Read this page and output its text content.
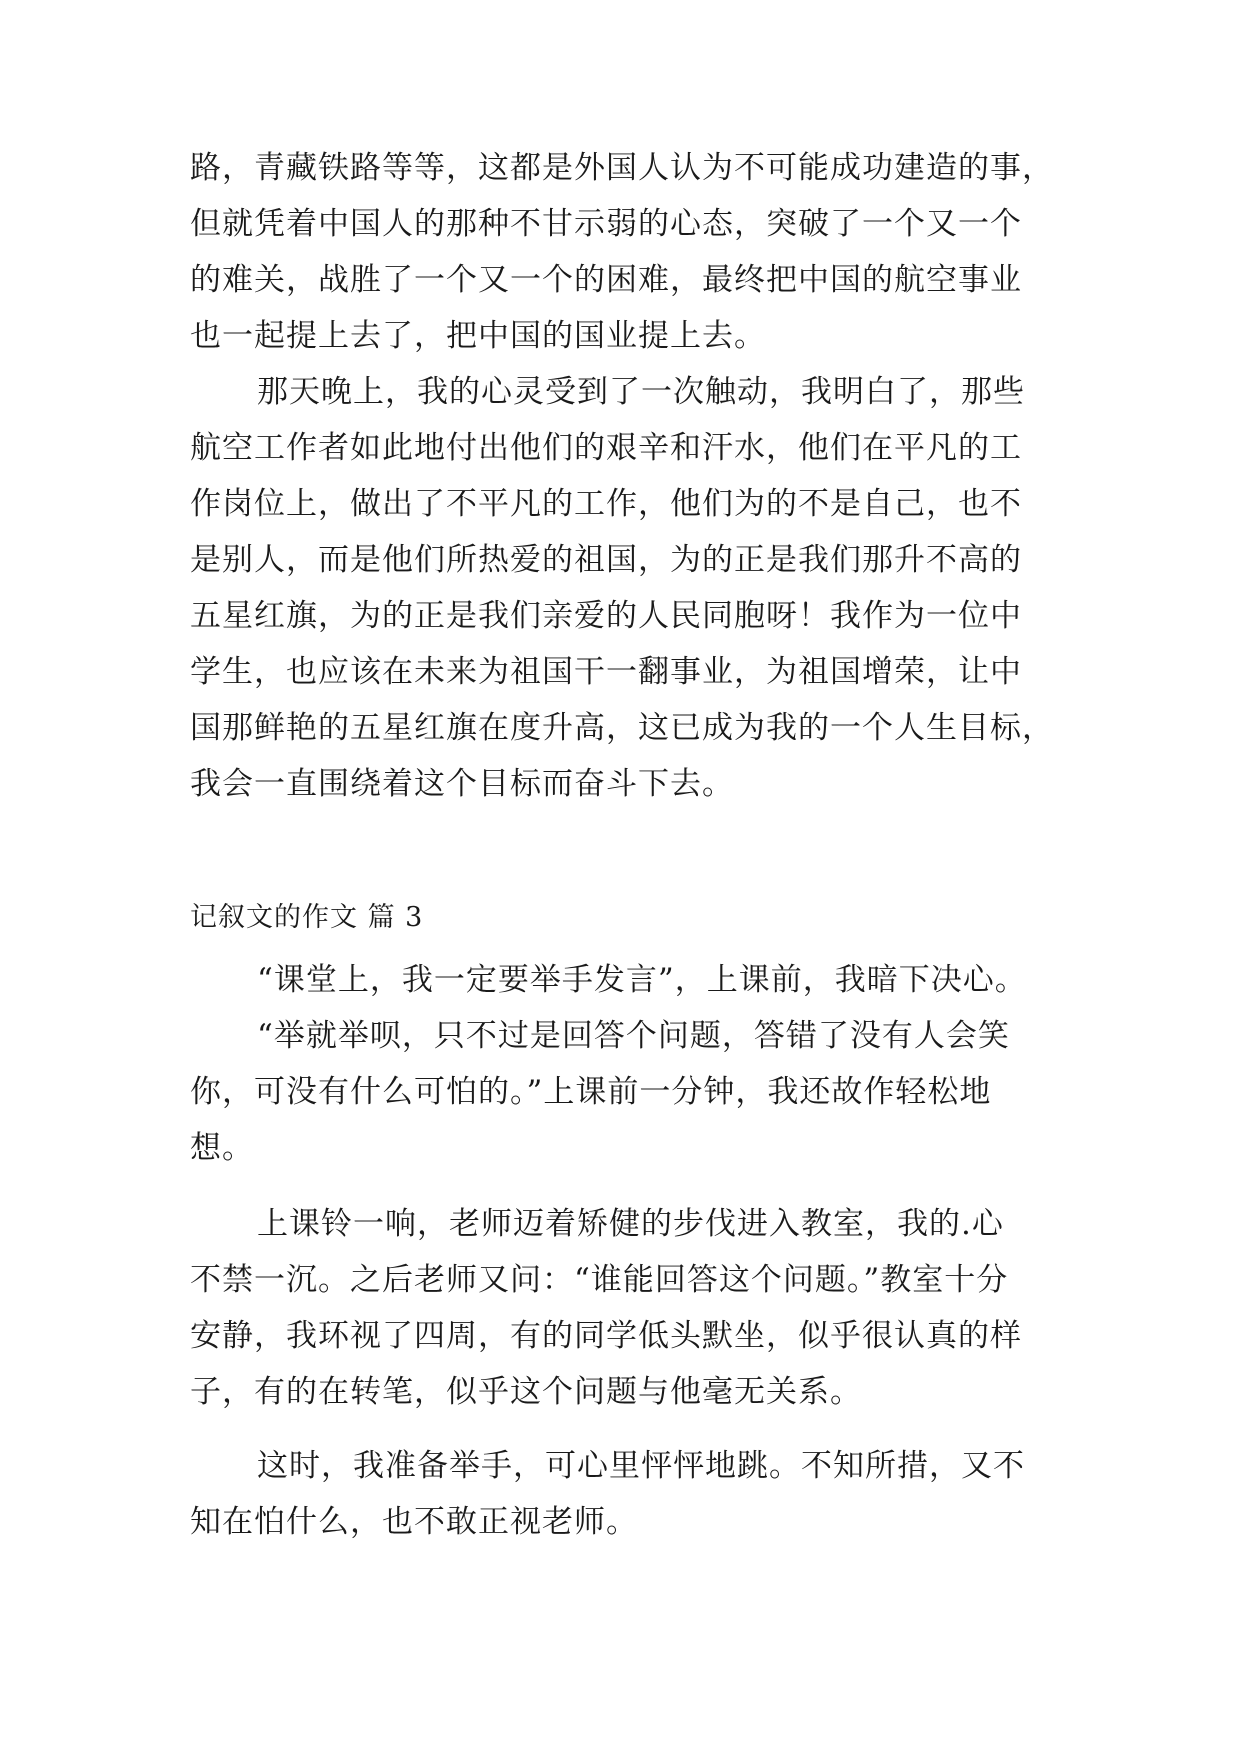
路，青藏铁路等等，这都是外国人认为不可能成功建造的事，
但就凭着中国人的那种不甘示弱的心态，突破了一个又一个
的难关，战胜了一个又一个的困难，最终把中国的航空事业
也一起提上去了，把中国的国业提上去。
那天晚上，我的心灵受到了一次触动，我明白了，那些
航空工作者如此地付出他们的艰辛和汗水，他们在平凡的工
作岗位上，做出了不平凡的工作，他们为的不是自己，也不
是别人，而是他们所热爱的祖国，为的正是我们那升不高的
五星红旗，为的正是我们亲爱的人民同胞呀！我作为一位中
学生，也应该在未来为祖国干一翻事业，为祖国增荣，让中
国那鲜艳的五星红旗在度升高，这已成为我的一个人生目标，
我会一直围绕着这个目标而奋斗下去。
记叙文的作文 篇 3
“课堂上，我一定要举手发言”，上课前，我暗下决心。
“举就举呗，只不过是回答个问题，答错了没有人会笑
你，可没有什么可怕的。”上课前一分钟，我还故作轻松地
想。
上课铃一响，老师迈着矫健的步伐进入教室，我的.心
不禁一沉。之后老师又问：“谁能回答这个问题。”教室十分
安静，我环视了四周，有的同学低头默坐，似乎很认真的样
子，有的在转笔，似乎这个问题与他毫无关系。
这时，我准备举手，可心里怦怦地跳。不知所措，又不
知在怕什么，也不敢正视老师。
